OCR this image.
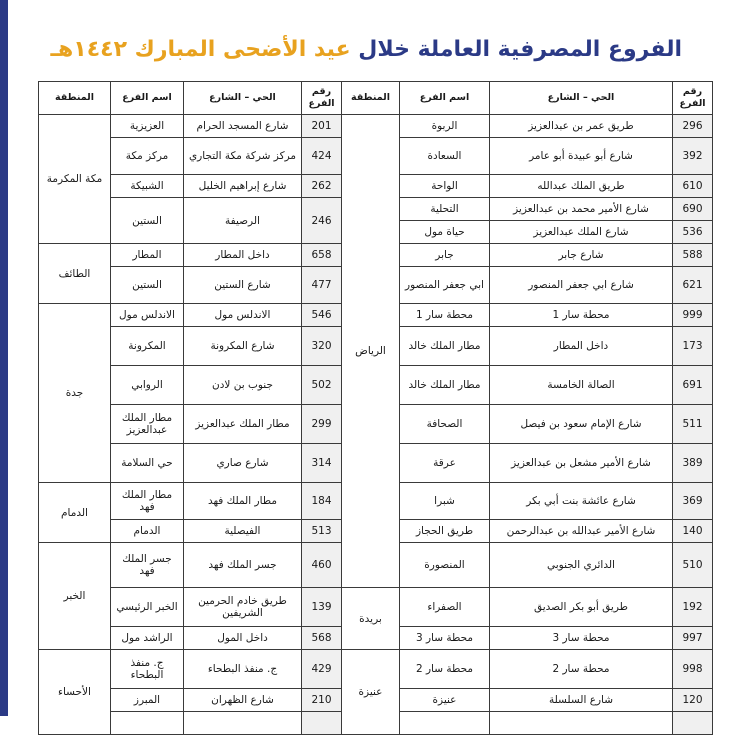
الفروع المصرفية العاملة خلال عيد الأضحى المبارك ١٤٤٢هـ
رقم الفرع	الحي – الشارع	اسم الفرع	المنطقة	رقم الفرع	الحي – الشارع	اسم الفرع	المنطقة
296	طريق عمر بن عبدالعزيز	الربوة	الرياض	201	شارع المسجد الحرام	العزيزية	مكة المكرمة
392	شارع أبو عبيدة أبو عامر	السعادة		424	مركز شركة مكة التجاري	مركز مكة	
610	طريق الملك عبدالله	الواحة		262	شارع إبراهيم الخليل	الشبيكة	
690	شارع الأمير محمد بن عبدالعزيز	التحلية		246	الرصيفة	الستين	
536	شارع الملك عبدالعزيز	حياة مول					
588	شارع جابر	جابر		658	داخل المطار	المطار	الطائف
621	شارع ابي جعفر المنصور	ابي جعفر المنصور		477	شارع الستين	الستين	
999	محطة سار 1	محطة سار 1		546	الاندلس مول	الاندلس مول	جدة
173	داخل المطار	مطار الملك خالد		320	شارع المكرونة	المكرونة	
691	الصالة الخامسة	مطار الملك خالد		502	جنوب بن لادن	الروابي	
511	شارع الإمام سعود بن فيصل	الصحافة		299	مطار الملك عبدالعزيز	مطار الملك عبدالعزيز	
389	شارع الأمير مشعل بن عبدالعزيز	عرقة		314	شارع صاري	حي السلامة	
369	شارع عائشة بنت أبي بكر	شبرا		184	مطار الملك فهد	مطار الملك فهد	الدمام
140	شارع الأمير عبدالله بن عبدالرحمن	طريق الحجاز		513	الفيصلية	الدمام	
510	الدائري الجنوبي	المنصورة		460	جسر الملك فهد	جسر الملك فهد	الخبر
192	طريق أبو بكر الصديق	الصفراء	بريدة	139	طريق خادم الحرمين الشريفين	الخبر الرئيسي	
997	محطة سار 3	محطة سار 3		568	داخل المول	الراشد مول	
998	محطة سار 2	محطة سار 2	عنيزة	429	ج. منفذ البطحاء	ج. منفذ البطحاء	الأحساء
120	شارع السلسلة	عنيزة		210	شارع الظهران	المبرز	
